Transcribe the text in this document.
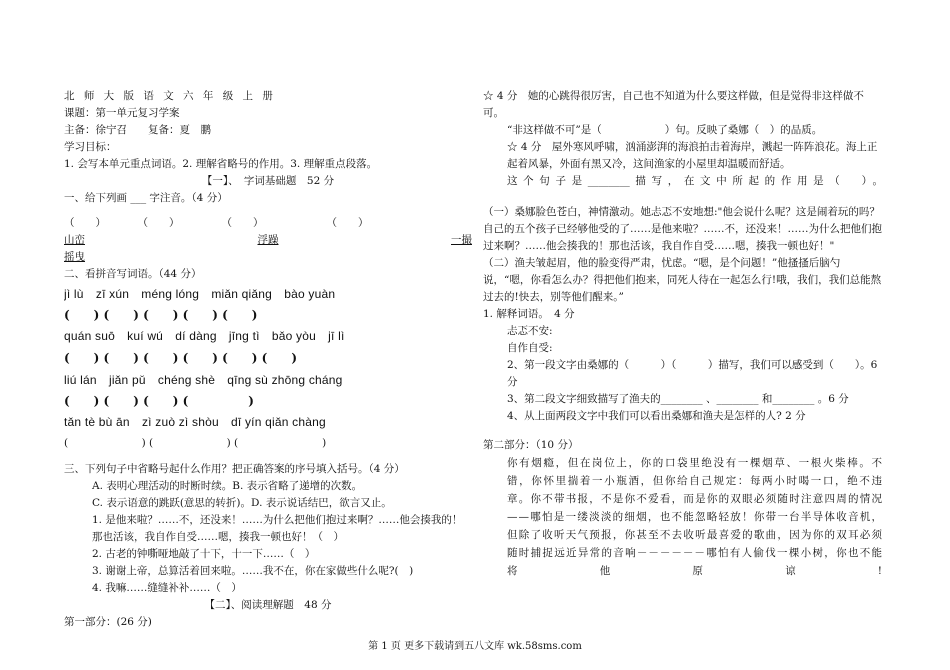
北 师 大 版 语 文 六 年 级 上 册
课题：第一单元复习学案
主备：徐宁召　　复备：夏　鹏
学习目标：
1. 会写本单元重点词语。2. 理解省略号的作用。3. 理解重点段落。
【一】、　字词基础题　52 分
一、给下列画 ___ 字注音。（4 分）
（　　）　　　　（　　）　　　　　（　　）　　　　　　　（　　）
山峦	浮躁	一撮
摇曳
二、看拼音写词语。（44 分）
jì lù　zī xún　méng lóng　miǎn qiǎng　bào yuàn
(　　) (　　) (　　) (　　) (　　)
quán suō　kuí wú　dí dàng　jīng tì　bǎo yòu　jī lì
(　　) (　　) (　　) (　　) (　　) (　　)
liú lán　jiǎn pǔ　chéng shè　qīng sù zhōng cháng
(　　) (　　) (　　) (　　　　　)
tǎn tè bù ān　zì zuò zì shòu　dī yín qiǎn chàng
(　　　　　　　) (　　　　　　　) (　　　　　　　　)
三、下列句子中省略号起什么作用？把正确答案的序号填入括号。（4 分）
A. 表明心理活动的时断时续。B. 表示省略了递增的次数。
C. 表示语意的跳跃(意思的转折)。D. 表示说话结巴，欲言又止。
1. 是他来啦？……不，还没来！……为什么把他们抱过来啊？……他会揍我的！那也活该，我自作自受……嗯，揍我一顿也好！（　）
2. 古老的钟嘶哑地敲了十下，十一下……（　）
3. 谢谢上帝，总算活着回来啦。……我不在，你在家做些什么呢?(　)
4. 我嘛……缝缝补补……（　）
【二】、阅读理解题　48 分
第一部分：(26 分)
☆ 4 分　她的心跳得很厉害，自己也不知道为什么要这样做，但是觉得非这样做不可。
“非这样做不可”是（　　　　　　）句。反映了桑娜（　）的品质。
☆ 4 分　屋外寒风呼啸，汹涌澎湃的海浪拍击着海岸，溅起一阵阵浪花。海上正起着风暴，外面有黑又冷，这间渔家的小屋里却温暖而舒适。
这个句子是________描写，在文中所起的作用是（　）。
（一）桑娜脸色苍白，神情激动。她忐忑不安地想:"他会说什么呢？这是闹着玩的吗？自己的五个孩子已经够他受的了……是他来啦？……不，还没来！……为什么把他们抱过来啊？……他会揍我的！那也活该，我自作自受……嗯，揍我一顿也好！"
（二）渔夫皱起眉，他的脸变得严肃，忧虑。“嗯，是个问题！”他搔搔后脑勺说，“嗯，你看怎么办？得把他们抱来，同死人待在一起怎么行!哦，我们，我们总能熬过去的!快去，别等他们醒来。”
1. 解释词语。　4 分
忐忑不安:
自作自受:
2、第一段文字由桑娜的（　　　）（　　　）描写，我们可以感受到（　　）。6 分
3、第二段文字细致描写了渔夫的________ 、________ 和________ 。6 分
4、从上面两段文字中我们可以看出桑娜和渔夫是怎样的人? 2 分
第二部分：（10 分）
你有烟瘾，但在岗位上，你的口袋里绝没有一棵烟草、一根火柴棒。不错，你怀里揣着一小瓶酒，但你给自己规定：每两小时喝一口，绝不违章。你不带书报，不是你不爱看，而是你的双眼必须随时注意四周的情况——哪怕是一缕淡淡的细烟，也不能忽略轻放！你带一台半导体收音机，但除了收听天气预报，你甚至不去收听最喜爱的歌曲，因为你的双耳必须随时捕捉远近异常的音响－－－－－－哪怕有人偷伐一棵小树，你也不能将他原谅!
第 1 页 更多下载请到五八文库 wk.58sms.com
